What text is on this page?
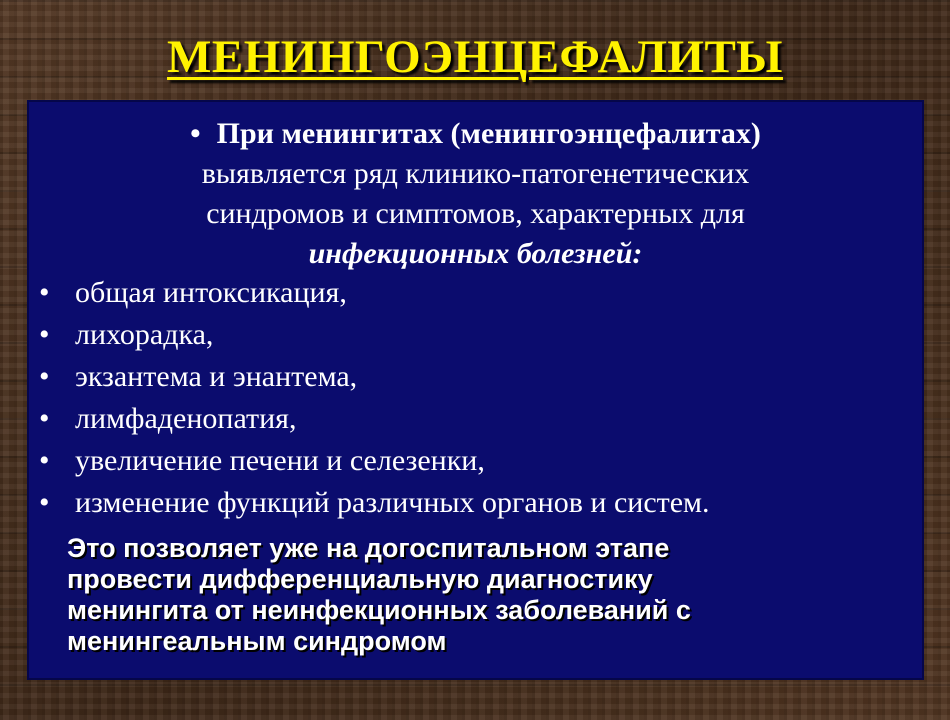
МЕНИНГОЭНЦЕФАЛИТЫ
• При менингитах (менингоэнцефалитах)
выявляется ряд клинико-патогенетических
синдромов и симптомов, характерных для
инфекционных болезней:
• общая интоксикация,
• лихорадка,
• экзантема и энантема,
• лимфаденопатия,
• увеличение печени и селезенки,
• изменение функций различных органов и систем.
Это позволяет уже на догоспитальном этапе
провести дифференциальную диагностику
менингита от неинфекционных заболеваний с
менингеальным синдромом
